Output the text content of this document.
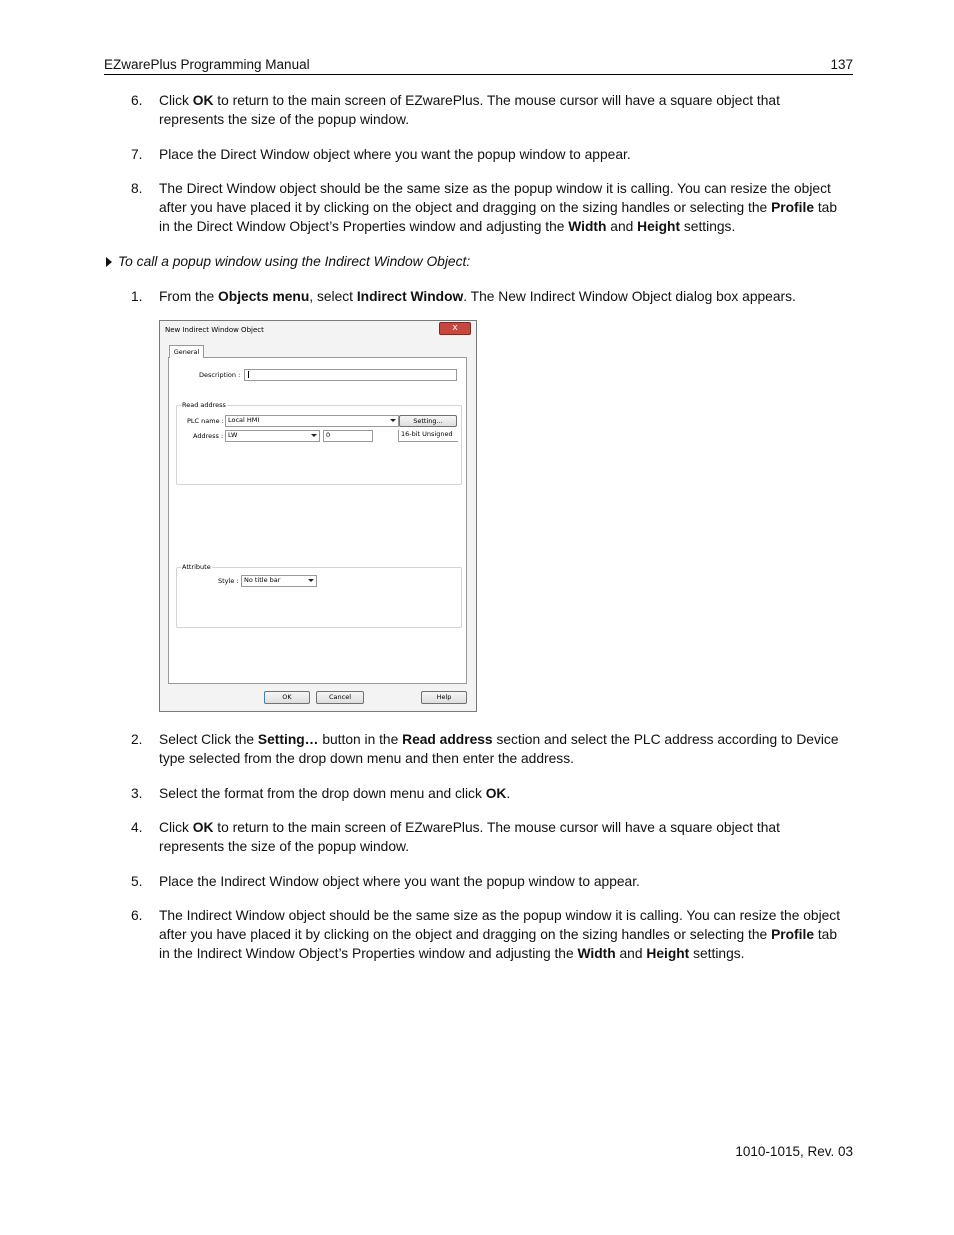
EZwarePlus Programming Manual	137
6.	Click OK to return to the main screen of EZwarePlus. The mouse cursor will have a square object that represents the size of the popup window.
7.	Place the Direct Window object where you want the popup window to appear.
8.	The Direct Window object should be the same size as the popup window it is calling. You can resize the object after you have placed it by clicking on the object and dragging on the sizing handles or selecting the Profile tab in the Direct Window Object’s Properties window and adjusting the Width and Height settings.
To call a popup window using the Indirect Window Object:
1.	From the Objects menu, select Indirect Window. The New Indirect Window Object dialog box appears.
New Indirect Window Object	x
General
Description :
Read address
PLC name : Local HMI	Setting...
Address : LW	0	16-bit Unsigned
Attribute
Style : No title bar
OK	Cancel	Help
2.	Select Click the Setting… button in the Read address section and select the PLC address according to Device type selected from the drop down menu and then enter the address.
3.	Select the format from the drop down menu and click OK.
4.	Click OK to return to the main screen of EZwarePlus. The mouse cursor will have a square object that represents the size of the popup window.
5.	Place the Indirect Window object where you want the popup window to appear.
6.	The Indirect Window object should be the same size as the popup window it is calling. You can resize the object after you have placed it by clicking on the object and dragging on the sizing handles or selecting the Profile tab in the Indirect Window Object’s Properties window and adjusting the Width and Height settings.
1010-1015, Rev. 03
